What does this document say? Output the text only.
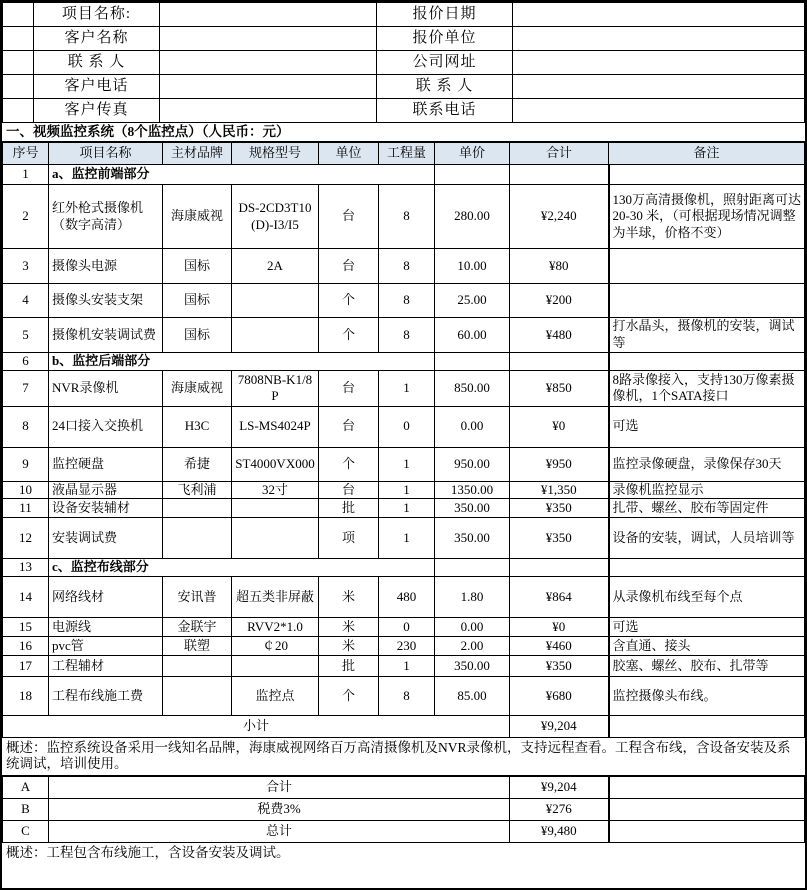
	项目名称:		报价日期	
	客户名称		报价单位	
	联 系 人		公司网址	
	客户电话		联 系 人	
	客户传真		联系电话	
一、视频监控系统（8个监控点）（人民币：元）
序号	项目名称	主材品牌	规格型号	单位	工程量	单价	合计	备注
1	a、监控前端部分							
2	红外枪式摄像机（数字高清）	海康威视	DS-2CD3T10(D)-I3/I5	台	8	280.00	¥2,240	130万高清摄像机，照射距离可达20-30 米，（可根据现场情况调整为半球，价格不变）
3	摄像头电源	国标	2A	台	8	10.00	¥80	
4	摄像头安装支架	国标		个	8	25.00	¥200	
5	摄像机安装调试费	国标		个	8	60.00	¥480	打水晶头，摄像机的安装，调试等
6	b、监控后端部分							
7	NVR录像机	海康威视	7808NB-K1/8P	台	1	850.00	¥850	8路录像接入，支持130万像素摄像机，1个SATA接口
8	24口接入交换机	H3C	LS-MS4024P	台	0	0.00	¥0	可选
9	监控硬盘	希捷	ST4000VX000	个	1	950.00	¥950	监控录像硬盘，录像保存30天
10	液晶显示器	飞利浦	32寸	台	1	1350.00	¥1,350	录像机监控显示
11	设备安装辅材			批	1	350.00	¥350	扎带、螺丝、胶布等固定件
12	安装调试费			项	1	350.00	¥350	设备的安装，调试，人员培训等
13	c、监控布线部分							
14	网络线材	安讯普	超五类非屏蔽	米	480	1.80	¥864	从录像机布线至每个点
15	电源线	金联宇	RVV2*1.0	米	0	0.00	¥0	可选
16	pvc管	联塑	￠20	米	230	2.00	¥460	含直通、接头
17	工程辅材			批	1	350.00	¥350	胶塞、螺丝、胶布、扎带等
18	工程布线施工费		监控点	个	8	85.00	¥680	监控摄像头布线。
小计							¥9,204	
概述：监控系统设备采用一线知名品牌，海康威视网络百万高清摄像机及NVR录像机，支持远程查看。工程含布线，含设备安装及系统调试，培训使用。
A	合计	¥9,204	
B	税费3%	¥276	
C	总计	¥9,480	
概述：工程包含布线施工，含设备安装及调试。
